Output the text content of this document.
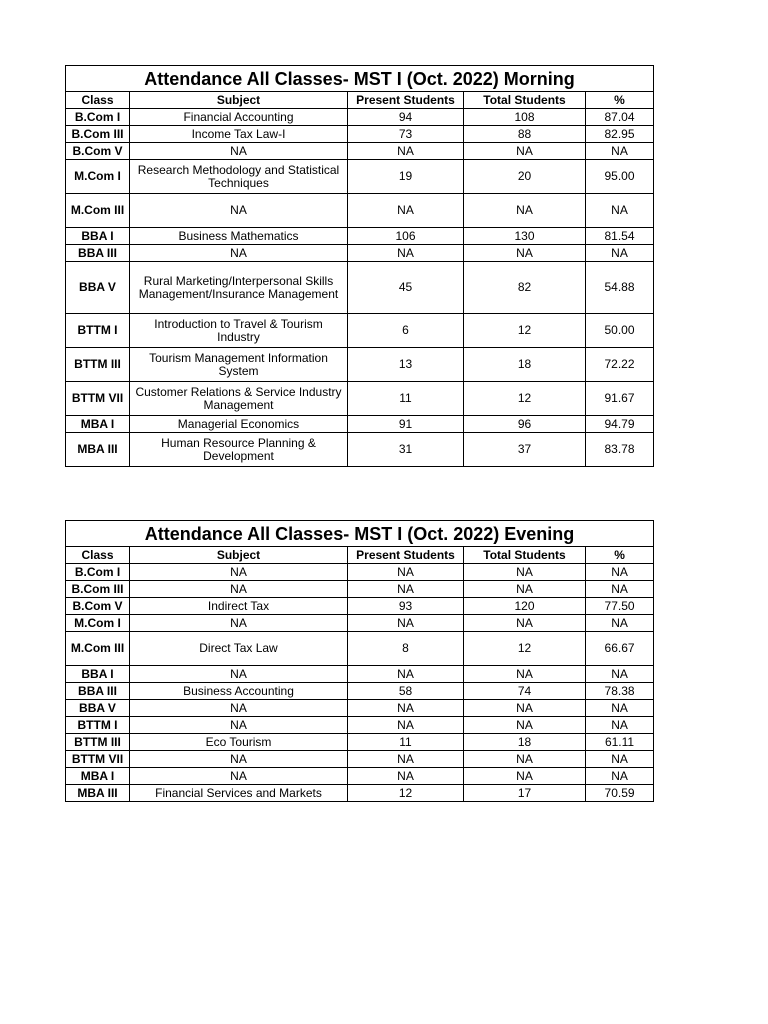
Attendance All Classes- MST I (Oct. 2022) Morning				
Class	Subject	Present Students	Total Students	%
B.Com I	Financial Accounting	94	108	87.04
B.Com III	Income Tax Law-I	73	88	82.95
B.Com V	NA	NA	NA	NA
M.Com I	Research Methodology and Statistical Techniques	19	20	95.00
M.Com III	NA	NA	NA	NA
BBA I	Business Mathematics	106	130	81.54
BBA III	NA	NA	NA	NA
BBA V	Rural Marketing/Interpersonal Skills Management/Insurance Management	45	82	54.88
BTTM I	Introduction to Travel & Tourism Industry	6	12	50.00
BTTM III	Tourism Management Information System	13	18	72.22
BTTM VII	Customer Relations & Service Industry Management	11	12	91.67
MBA I	Managerial Economics	91	96	94.79
MBA III	Human Resource Planning & Development	31	37	83.78
Attendance All Classes- MST I (Oct. 2022) Evening				
Class	Subject	Present Students	Total Students	%
B.Com I	NA	NA	NA	NA
B.Com III	NA	NA	NA	NA
B.Com V	Indirect Tax	93	120	77.50
M.Com I	NA	NA	NA	NA
M.Com III	Direct Tax Law	8	12	66.67
BBA I	NA	NA	NA	NA
BBA III	Business Accounting	58	74	78.38
BBA V	NA	NA	NA	NA
BTTM I	NA	NA	NA	NA
BTTM III	Eco Tourism	11	18	61.11
BTTM VII	NA	NA	NA	NA
MBA I	NA	NA	NA	NA
MBA III	Financial Services and Markets	12	17	70.59
